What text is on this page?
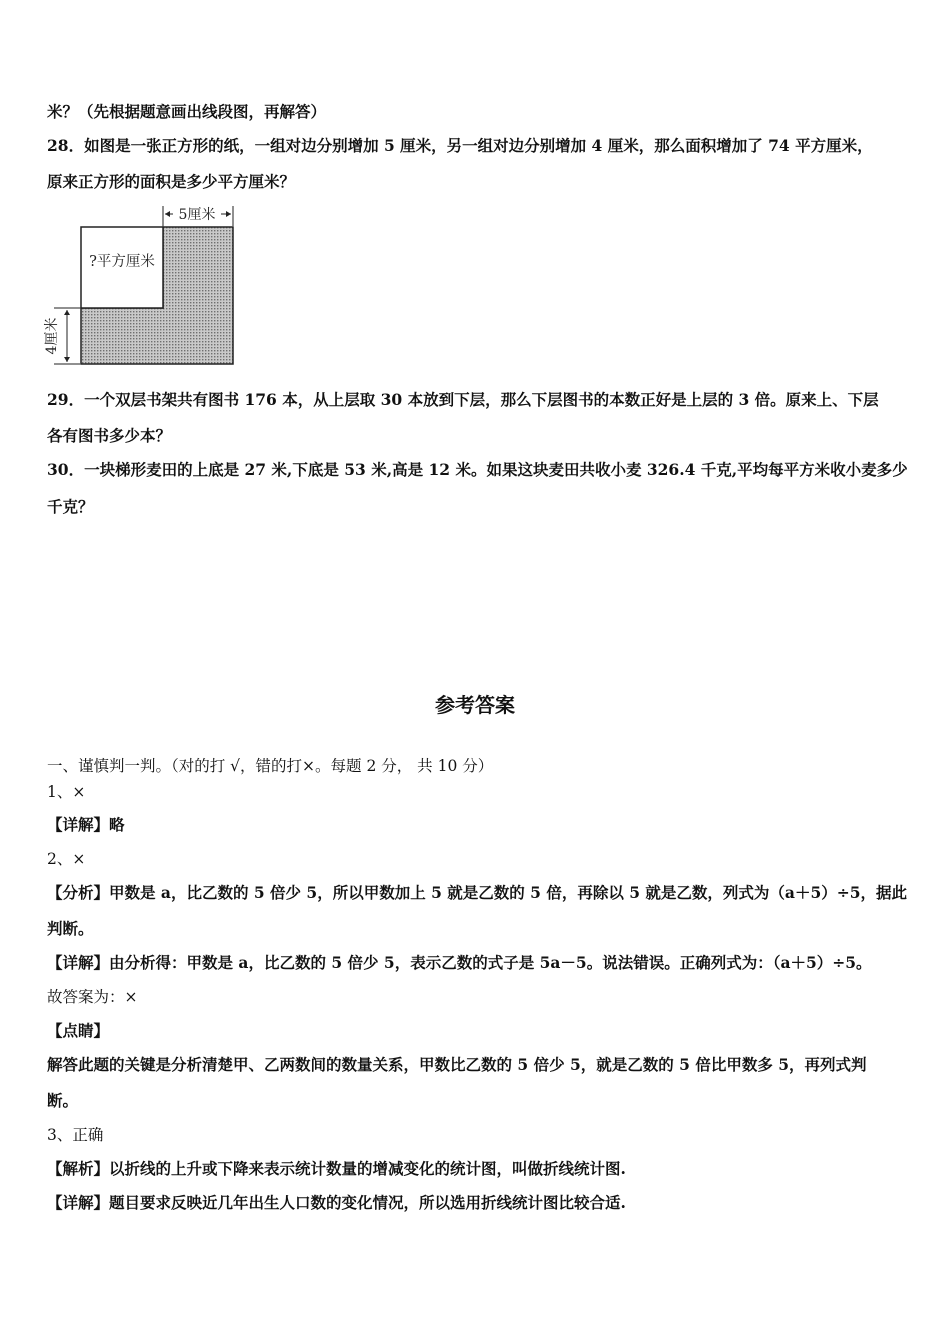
米？（先根据题意画出线段图，再解答）
28．如图是一张正方形的纸，一组对边分别增加 5 厘米，另一组对边分别增加 4 厘米，那么面积增加了 74 平方厘米，
原来正方形的面积是多少平方厘米？
5厘米
4厘米
?平方厘米
29．一个双层书架共有图书 176 本，从上层取 30 本放到下层，那么下层图书的本数正好是上层的 3 倍。原来上、下层
各有图书多少本？
30．一块梯形麦田的上底是 27 米,下底是 53 米,高是 12 米。如果这块麦田共收小麦 326.4 千克,平均每平方米收小麦多少
千克？
参考答案
一、谨慎判一判。（对的打 √，错的打×。每题 2 分， 共 10 分）
1、×
【详解】略
2、×
【分析】甲数是 a，比乙数的 5 倍少 5，所以甲数加上 5 就是乙数的 5 倍，再除以 5 就是乙数，列式为（a＋5）÷5，据此
判断。
【详解】由分析得：甲数是 a，比乙数的 5 倍少 5，表示乙数的式子是 5a－5。说法错误。正确列式为：（a＋5）÷5。
故答案为：×
【点睛】
解答此题的关键是分析清楚甲、乙两数间的数量关系，甲数比乙数的 5 倍少 5，就是乙数的 5 倍比甲数多 5，再列式判
断。
3、正确
【解析】以折线的上升或下降来表示统计数量的增减变化的统计图，叫做折线统计图.
【详解】题目要求反映近几年出生人口数的变化情况，所以选用折线统计图比较合适.
